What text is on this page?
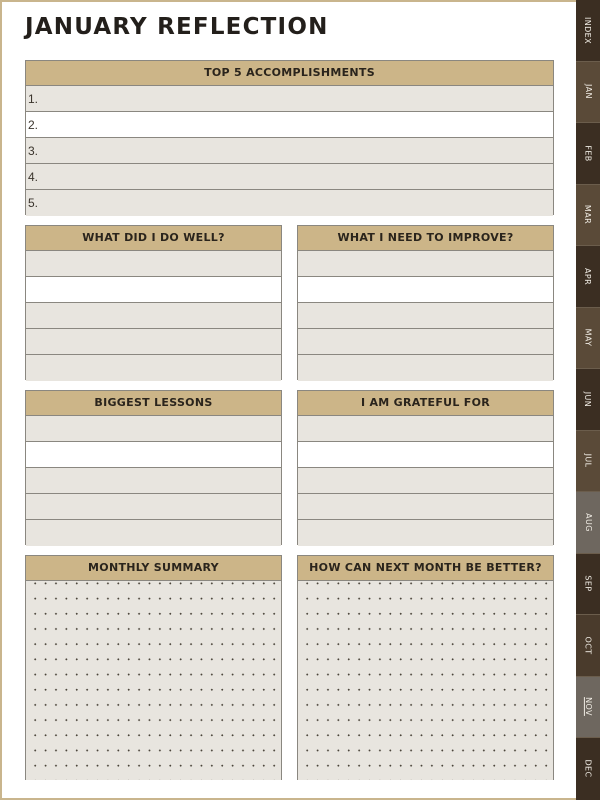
JANUARY REFLECTION
TOP 5 ACCOMPLISHMENTS
1.
2.
3.
4.
5.
WHAT DID I DO WELL?	WHAT I NEED TO IMPROVE?
BIGGEST LESSONS	I AM GRATEFUL FOR
MONTHLY SUMMARY	HOW CAN NEXT MONTH BE BETTER?
INDEX
JAN
FEB
MAR
APR
MAY
JUN
JUL
AUG
SEP
OCT
NOV
DEC
